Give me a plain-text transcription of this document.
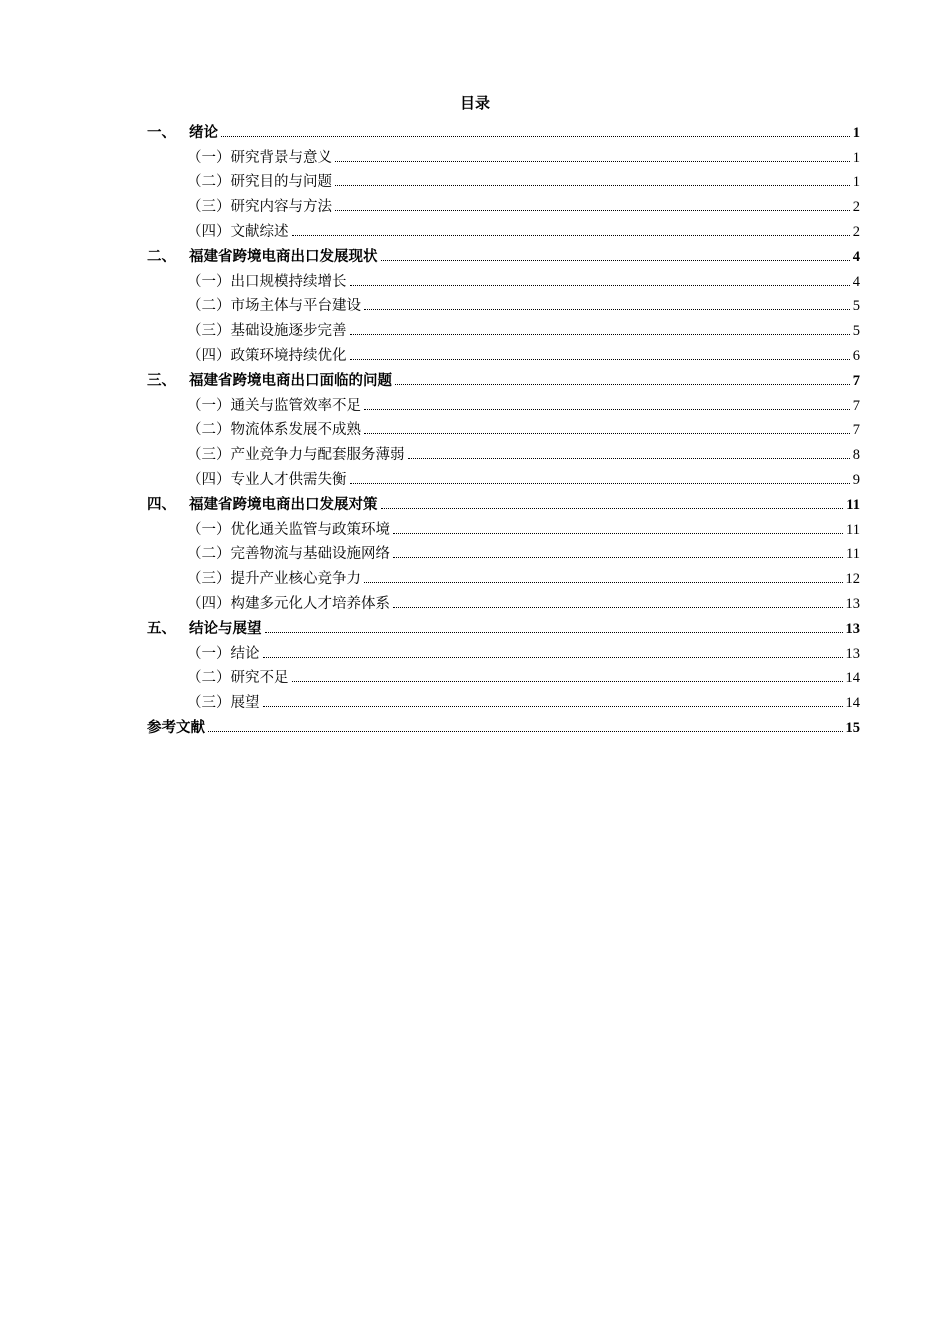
目录
一、 绪论	1
（一）研究背景与意义	1
（二）研究目的与问题	1
（三）研究内容与方法	2
（四）文献综述	2
二、 福建省跨境电商出口发展现状	4
（一）出口规模持续增长	4
（二）市场主体与平台建设	5
（三）基础设施逐步完善	5
（四）政策环境持续优化	6
三、 福建省跨境电商出口面临的问题	7
（一）通关与监管效率不足	7
（二）物流体系发展不成熟	7
（三）产业竞争力与配套服务薄弱	8
（四）专业人才供需失衡	9
四、 福建省跨境电商出口发展对策	11
（一）优化通关监管与政策环境	11
（二）完善物流与基础设施网络	11
（三）提升产业核心竞争力	12
（四）构建多元化人才培养体系	13
五、 结论与展望	13
（一）结论	13
（二）研究不足	14
（三）展望	14
参考文献	15
